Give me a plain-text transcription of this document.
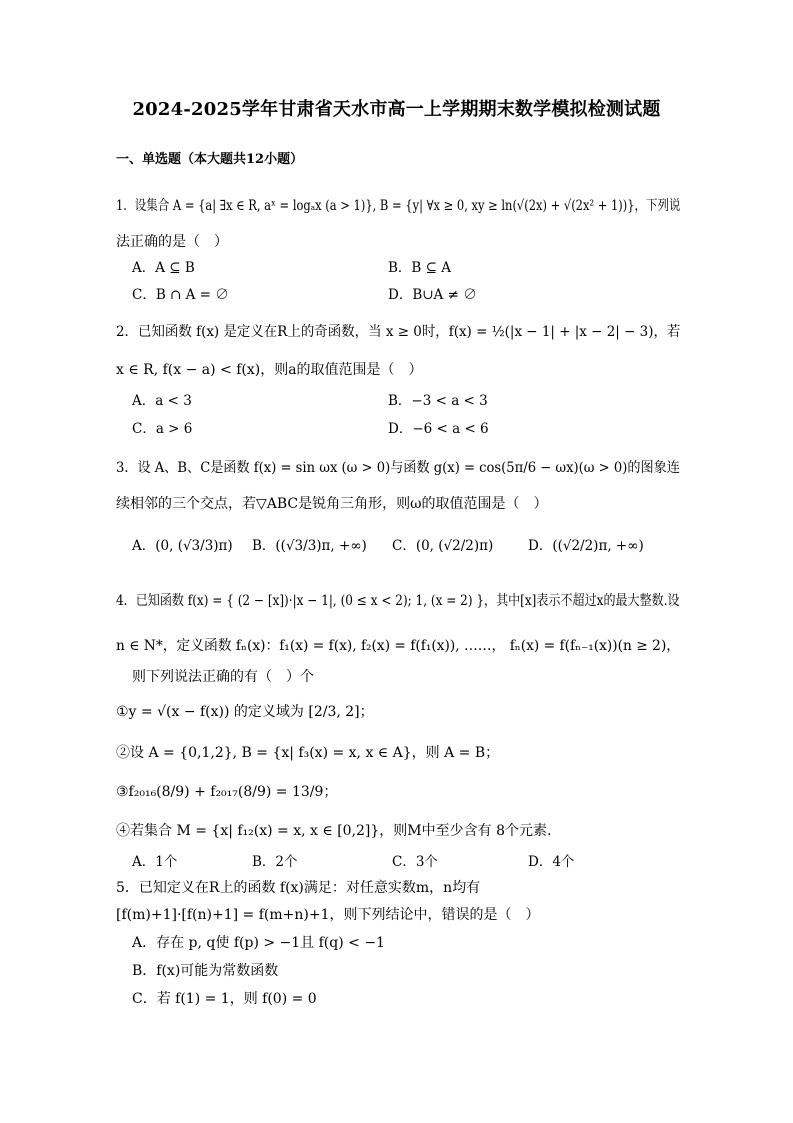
2024-2025学年甘肃省天水市高一上学期期末数学模拟检测试题
一、单选题（本大题共12小题）
1．设集合 A = {a| ∃x ∈ R, aˣ = logₐx (a > 1)}, B = {y| ∀x ≥ 0, xy ≥ ln(√(2x) + √(2x² + 1))}，下列说
法正确的是（　）
A．A ⊆ B	B．B ⊆ A
C．B ∩ A = ∅	D．B∪A ≠ ∅
2．已知函数 f(x) 是定义在R上的奇函数，当 x ≥ 0时，f(x) = ½(|x − 1| + |x − 2| − 3)，若
x ∈ R, f(x − a) < f(x)，则a的取值范围是（　）
A．a < 3	B．−3 < a < 3
C．a > 6	D．−6 < a < 6
3．设 A、B、C是函数 f(x) = sin ωx (ω > 0)与函数 g(x) = cos(5π/6 − ωx)(ω > 0)的图象连
续相邻的三个交点，若▽ABC是锐角三角形，则ω的取值范围是（　）
A．(0, (√3/3)π) B．((√3/3)π, +∞) C．(0, (√2/2)π)	D．((√2/2)π, +∞)
4．已知函数 f(x) = { (2 − [x])·|x − 1|, (0 ≤ x < 2); 1, (x = 2) }，其中[x]表示不超过x的最大整数.设
n ∈ N*，定义函数 fₙ(x)：f₁(x) = f(x), f₂(x) = f(f₁(x)), ……， fₙ(x) = f(fₙ₋₁(x))(n ≥ 2)，
则下列说法正确的有（　）个
①y = √(x − f(x)) 的定义域为 [2/3, 2]；
②设 A = {0,1,2}, B = {x| f₃(x) = x, x ∈ A}，则 A = B；
③f₂₀₁₆(8/9) + f₂₀₁₇(8/9) = 13/9；
④若集合 M = {x| f₁₂(x) = x, x ∈ [0,2]}，则M中至少含有 8个元素.
A．1个	B．2个	C．3个	D．4个
5．已知定义在R上的函数 f(x)满足：对任意实数m，n均有
[f(m)+1]·[f(n)+1] = f(m+n)+1，则下列结论中，错误的是（　）
A．存在 p, q使 f(p) > −1且 f(q) < −1
B．f(x)可能为常数函数
C．若 f(1) = 1，则 f(0) = 0
